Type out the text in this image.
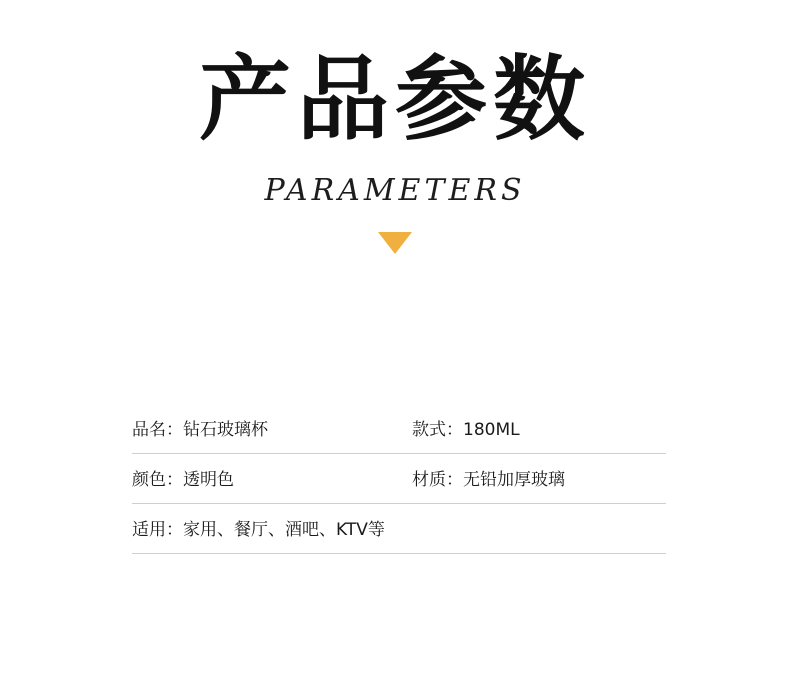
产品参数
PARAMETERS
品名：钻石玻璃杯	款式：180ML
颜色：透明色	材质：无铅加厚玻璃
适用：家用、餐厅、酒吧、KTV等
